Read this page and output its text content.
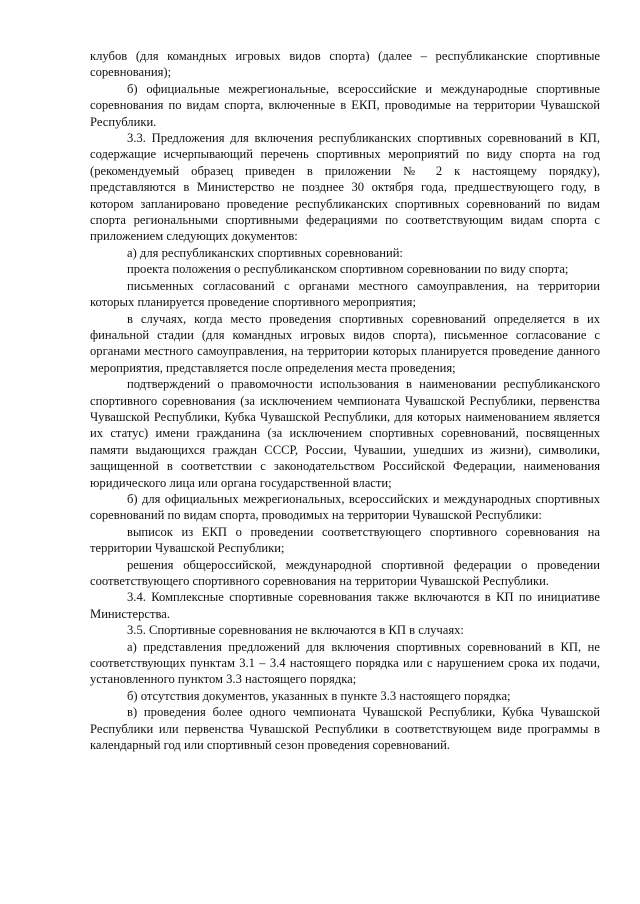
клубов (для командных игровых видов спорта) (далее – республиканские спортивные соревнования);

б) официальные межрегиональные, всероссийские и международные спортивные соревнования по видам спорта, включенные в ЕКП, проводимые на территории Чувашской Республики.

3.3. Предложения для включения республиканских спортивных соревнований в КП, содержащие исчерпывающий перечень спортивных мероприятий по виду спорта на год (рекомендуемый образец приведен в приложении № 2 к настоящему порядку), представляются в Министерство не позднее 30 октября года, предшествующего году, в котором запланировано проведение республиканских спортивных соревнований по видам спорта региональными спортивными федерациями по соответствующим видам спорта с приложением следующих документов:

а) для республиканских спортивных соревнований:

проекта положения о республиканском спортивном соревновании по виду спорта;

письменных согласований с органами местного самоуправления, на территории которых планируется проведение спортивного мероприятия;

в случаях, когда место проведения спортивных соревнований определяется в их финальной стадии (для командных игровых видов спорта), письменное согласование с органами местного самоуправления, на территории которых планируется проведение данного мероприятия, представляется после определения места проведения;

подтверждений о правомочности использования в наименовании республиканского спортивного соревнования (за исключением чемпионата Чувашской Республики, первенства Чувашской Республики, Кубка Чувашской Республики, для которых наименованием является их статус) имени гражданина (за исключением спортивных соревнований, посвященных памяти выдающихся граждан СССР, России, Чувашии, ушедших из жизни), символики, защищенной в соответствии с законодательством Российской Федерации, наименования юридического лица или органа государственной власти;

б) для официальных межрегиональных, всероссийских и международных спортивных соревнований по видам спорта, проводимых на территории Чувашской Республики:

выписок из ЕКП о проведении соответствующего спортивного соревнования на территории Чувашской Республики;

решения общероссийской, международной спортивной федерации о проведении соответствующего спортивного соревнования на территории Чувашской Республики.

3.4. Комплексные спортивные соревнования также включаются в КП по инициативе Министерства.

3.5. Спортивные соревнования не включаются в КП в случаях:

а) представления предложений для включения спортивных соревнований в КП, не соответствующих пунктам 3.1 – 3.4 настоящего порядка или с нарушением срока их подачи, установленного пунктом 3.3 настоящего порядка;

б) отсутствия документов, указанных в пункте 3.3 настоящего порядка;

в) проведения более одного чемпионата Чувашской Республики, Кубка Чувашской Республики или первенства Чувашской Республики в соответствующем виде программы в календарный год или спортивный сезон проведения соревнований.
